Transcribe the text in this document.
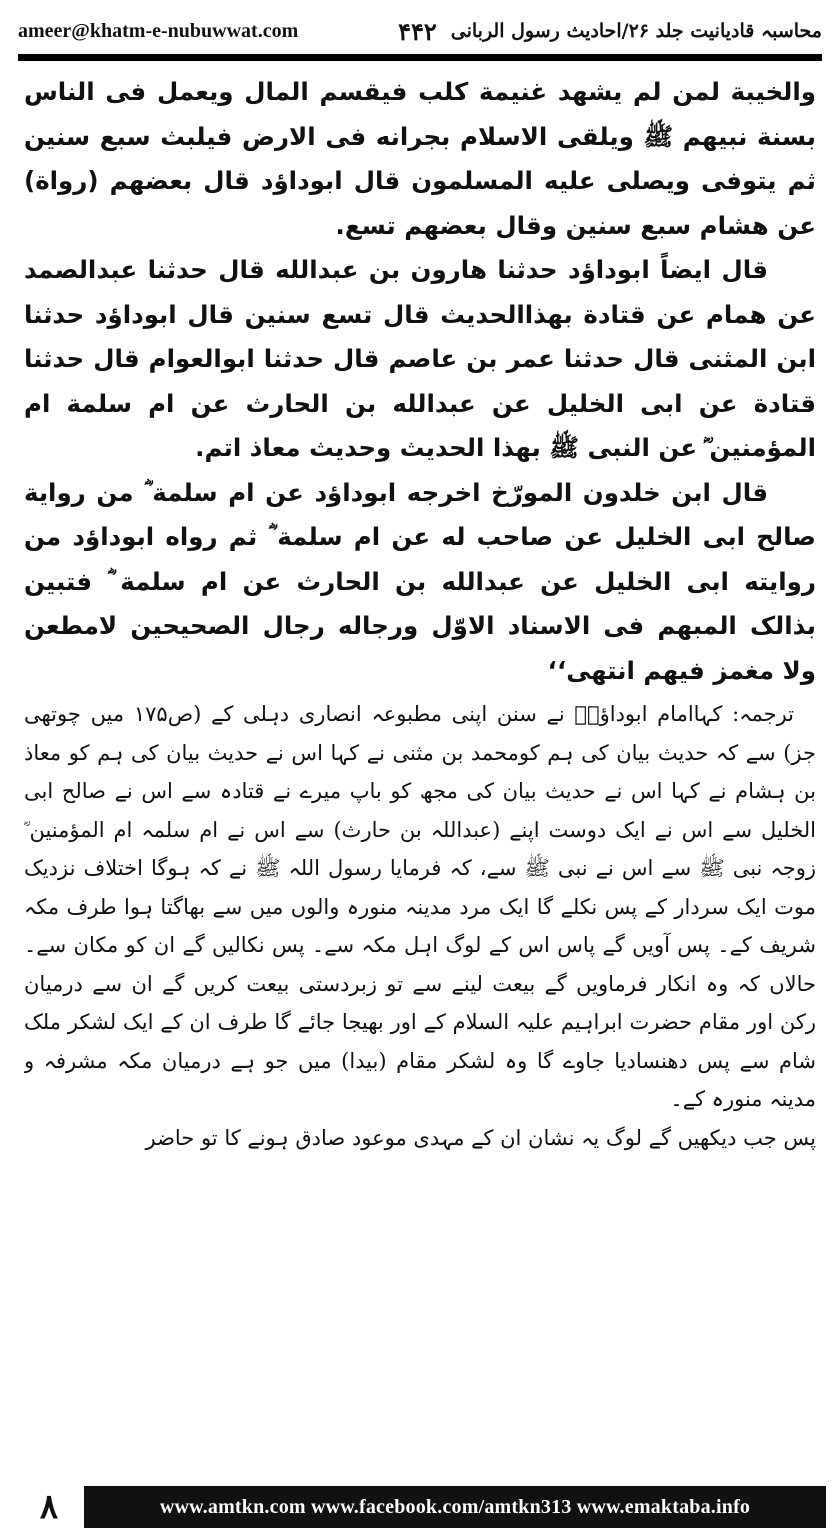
ameer@khatm-e-nubuwwat.com	محاسبہ قادیانیت جلد ۲۶/احادیث رسول الربانی
۴۴۲

والخيبة لمن لم يشهد غنيمة كلب فيقسم المال ويعمل فى الناس بسنة نبيهم ﷺ ويلقى الاسلام بجرانه فى الارض فيلبث سبع سنين ثم يتوفى ويصلى عليه المسلمون قال ابوداؤد قال بعضهم (رواة) عن هشام سبع سنين وقال بعضهم تسع.

قال ايضاً ابوداؤد حدثنا هارون بن عبدالله قال حدثنا عبدالصمد عن همام عن قتادة بهذاالحديث قال تسع سنين قال ابوداؤد حدثنا ابن المثنى قال حدثنا عمر بن عاصم قال حدثنا ابوالعوام قال حدثنا قتادة عن ابى الخليل عن عبدالله بن الحارث عن ام سلمة ام المؤمنين ؓ عن النبى ﷺ بهذا الحديث وحديث معاذ اتم.

قال ابن خلدون المورّخ اخرجه ابوداؤد عن ام سلمة ؓ من رواية صالح ابى الخليل عن صاحب له عن ام سلمة ؓ ثم رواه ابوداؤد من روايته ابى الخليل عن عبدالله بن الحارث عن ام سلمة ؓ فتبين بذالک المبهم فى الاسناد الاوّل ورجاله رجال الصحيحين لامطعن ولا مغمز فيهم انتهى‘‘

ترجمہ: کہاامام ابوداؤدؒ نے سنن اپنی مطبوعہ انصاری دہلی کے (ص۱۷۵ میں چوتھی جز) سے کہ حدیث بیان کی ہم کومحمد بن مثنی نے کہا اس نے حدیث بیان کی ہم کو معاذ بن ہشام نے کہا اس نے حدیث بیان کی مجھ کو باپ میرے نے قتادہ سے اس نے صالح ابی الخلیل سے اس نے ایک دوست اپنے (عبداللہ بن حارث) سے اس نے ام سلمہ ام المؤمنین ؓ زوجہ نبی ﷺ سے اس نے نبی ﷺ سے، کہ فرمایا رسول اللہ ﷺ نے کہ ہوگا اختلاف نزدیک موت ایک سردار کے پس نکلے گا ایک مرد مدینہ منورہ والوں میں سے بھاگتا ہوا طرف مکہ شریف کے۔ پس آویں گے پاس اس کے لوگ اہل مکہ سے۔ پس نکالیں گے ان کو مکان سے۔ حالاں کہ وہ انکار فرماویں گے بیعت لینے سے تو زبردستی بیعت کریں گے ان سے درمیان رکن اور مقام حضرت ابراہیم علیہ السلام کے اور بھیجا جائے گا طرف ان کے ایک لشکر ملک شام سے پس دھنسادیا جاوے گا وہ لشکر مقام (بیدا) میں جو ہے درمیان مکہ مشرفہ و مدینہ منورہ کے۔

پس جب دیکھیں گے لوگ یہ نشان ان کے مہدی موعود صادق ہونے کا تو حاضر

٨	www.amtkn.com www.facebook.com/amtkn313 www.emaktaba.info
